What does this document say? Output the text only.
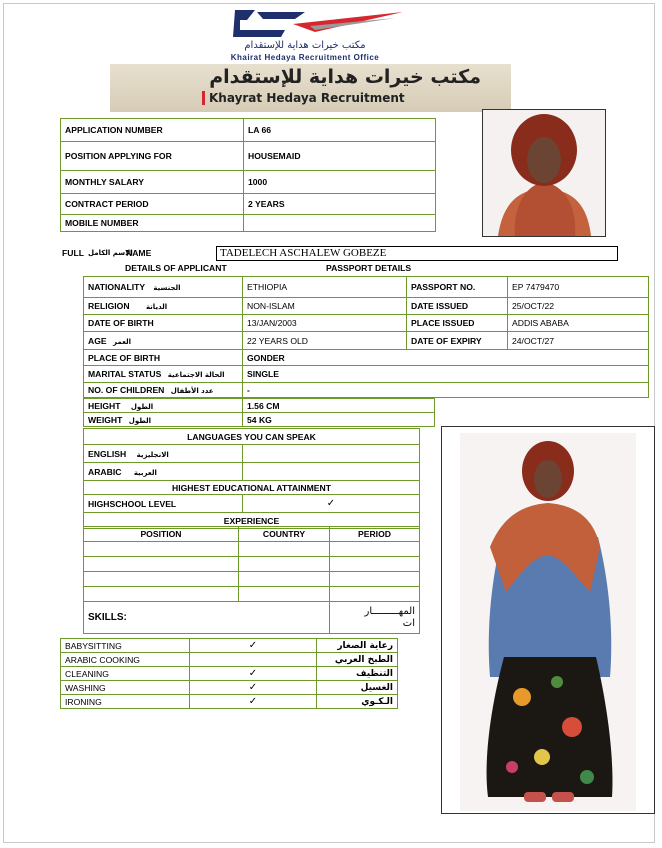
مكتب خيرات هداية للإستقدام
Khairat Hedaya Recruitment Office
مكتب خيرات هداية للإستقدام
Khayrat Hedaya Recruitment
APPLICATION NUMBER	LA 66
POSITION APPLYING FOR	HOUSEMAID
MONTHLY SALARY	1000
CONTRACT PERIOD	2 YEARS
MOBILE NUMBER	
FULL الاسم الكامل
NAME	TADELECH ASCHALEW GOBEZE
DETAILS OF APPLICANT	PASSPORT DETAILS
NATIONALITY الجنسية	ETHIOPIA	PASSPORT NO.	EP 7479470
RELIGION الديانة	NON-ISLAM	DATE ISSUED	25/OCT/22
DATE OF BIRTH	13/JAN/2003	PLACE ISSUED	ADDIS ABABA
AGE العمر	22 YEARS OLD	DATE OF EXPIRY	24/OCT/27
PLACE OF BIRTH	GONDER		
MARITAL STATUS الحالة الاجتماعية	SINGLE		
NO. OF CHILDREN عدد الأطفال	-		
HEIGHT الطول	1.56 CM
WEIGHT الطول	54 KG
LANGUAGES YOU CAN SPEAK	
ENGLISH الانجليزية	
ARABIC العربية	
HIGHEST EDUCATIONAL ATTAINMENT	
HIGHSCHOOL LEVEL	✓
EXPERIENCE	
POSITION	COUNTRY	PERIOD

SKILLS:		المهـــــــــار
ات
BABYSITTING	✓	رعاية الصغار
ARABIC COOKING		الطبخ العربي
CLEANING	✓	التنظيف
WASHING	✓	الغسيل
IRONING	✓	الـكـوي
